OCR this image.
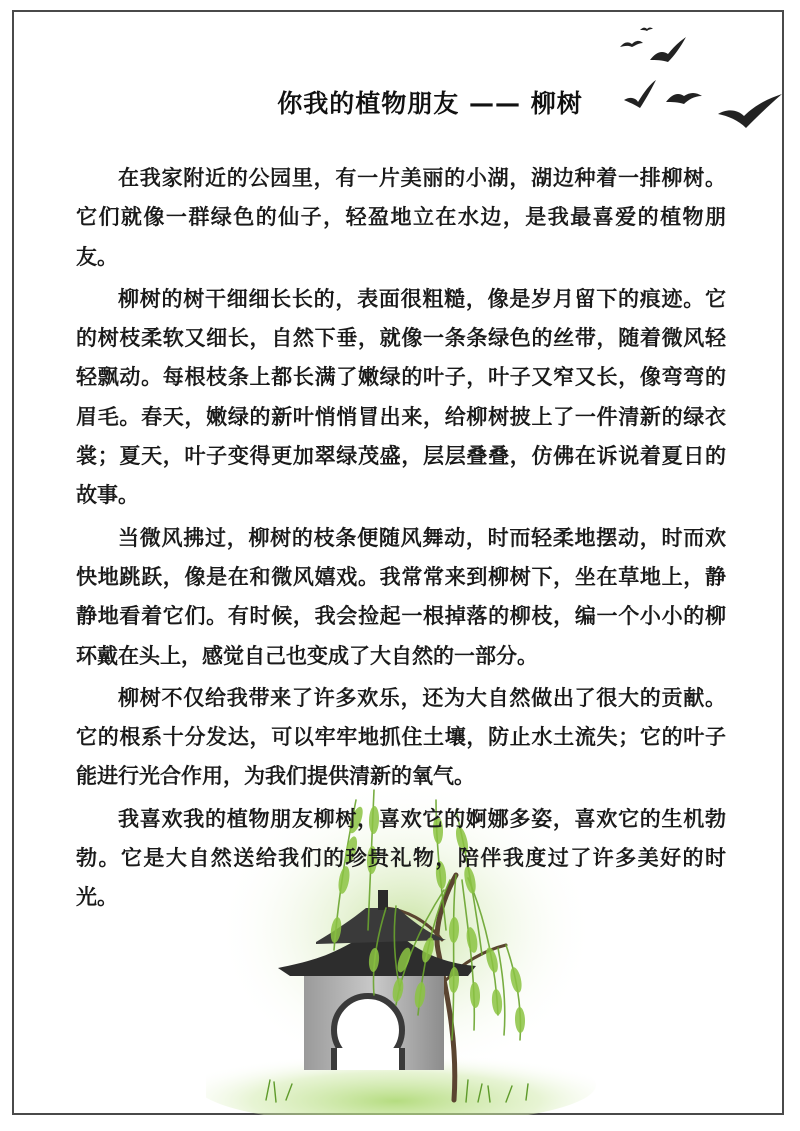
你我的植物朋友 —— 柳树

在我家附近的公园里，有一片美丽的小湖，湖边种着一排柳树。它们就像一群绿色的仙子，轻盈地立在水边，是我最喜爱的植物朋友。

柳树的树干细细长长的，表面很粗糙，像是岁月留下的痕迹。它的树枝柔软又细长，自然下垂，就像一条条绿色的丝带，随着微风轻轻飘动。每根枝条上都长满了嫩绿的叶子，叶子又窄又长，像弯弯的眉毛。春天，嫩绿的新叶悄悄冒出来，给柳树披上了一件清新的绿衣裳；夏天，叶子变得更加翠绿茂盛，层层叠叠，仿佛在诉说着夏日的故事。

当微风拂过，柳树的枝条便随风舞动，时而轻柔地摆动，时而欢快地跳跃，像是在和微风嬉戏。我常常来到柳树下，坐在草地上，静静地看着它们。有时候，我会捡起一根掉落的柳枝，编一个小小的柳环戴在头上，感觉自己也变成了大自然的一部分。

柳树不仅给我带来了许多欢乐，还为大自然做出了很大的贡献。它的根系十分发达，可以牢牢地抓住土壤，防止水土流失；它的叶子能进行光合作用，为我们提供清新的氧气。

我喜欢我的植物朋友柳树，喜欢它的婀娜多姿，喜欢它的生机勃勃。它是大自然送给我们的珍贵礼物，陪伴我度过了许多美好的时光。
